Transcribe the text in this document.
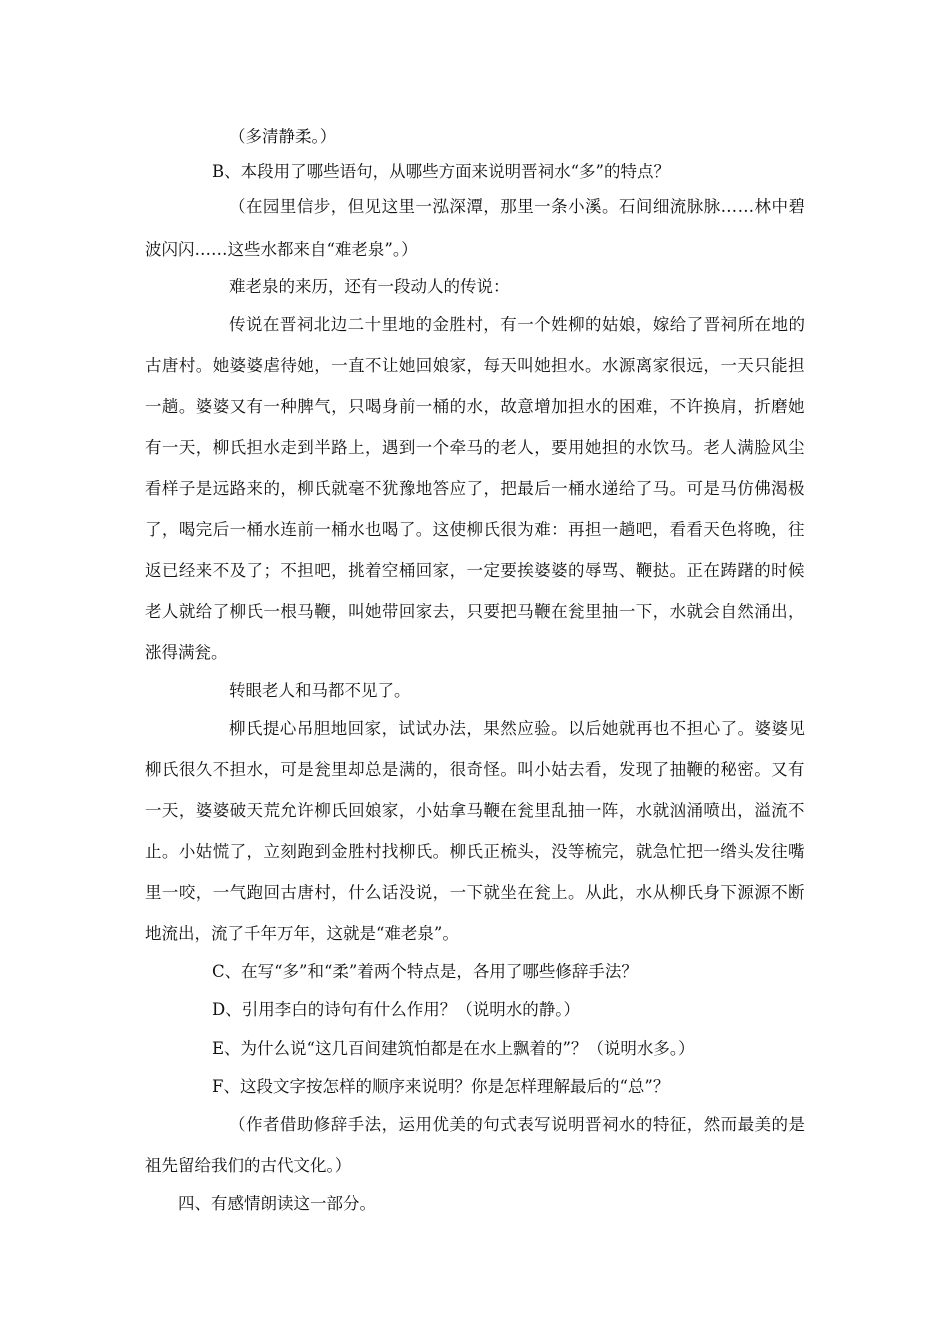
（多清静柔。）
B、本段用了哪些语句，从哪些方面来说明晋祠水“多”的特点？
（ 在 园 里 信 步 ， 但 见 这 里 一 泓 深 潭 ， 那 里 一 条 小 溪 。 石 间 细 流 脉 脉 … … 林 中 碧
波闪闪……这些水都来自“难老泉”。）
难老泉的来历，还有一段动人的传说：
传 说 在 晋 祠 北 边 二 十 里 地 的 金 胜 村 ， 有 一 个 姓 柳 的 姑 娘 ， 嫁 给 了 晋 祠 所 在 地 的
古 唐 村 。 她 婆 婆 虐 待 她 ， 一 直 不 让 她 回 娘 家 ， 每 天 叫 她 担 水 。 水 源 离 家 很 远 ， 一 天 只 能 担
一 趟 。 婆 婆 又 有 一 种 脾 气 ， 只 喝 身 前 一 桶 的 水 ， 故 意 增 加 担 水 的 困 难 ， 不 许 换 肩 ， 折 磨 她
有 一 天 ， 柳 氏 担 水 走 到 半 路 上 ， 遇 到 一 个 牵 马 的 老 人 ， 要 用 她 担 的 水 饮 马 。 老 人 满 脸 风 尘
看 样 子 是 远 路 来 的 ， 柳 氏 就 毫 不 犹 豫 地 答 应 了 ， 把 最 后 一 桶 水 递 给 了 马 。 可 是 马 仿 佛 渴 极
了 ， 喝 完 后 一 桶 水 连 前 一 桶 水 也 喝 了 。 这 使 柳 氏 很 为 难 ： 再 担 一 趟 吧 ， 看 看 天 色 将 晚 ， 往
返 已 经 来 不 及 了 ； 不 担 吧 ， 挑 着 空 桶 回 家 ， 一 定 要 挨 婆 婆 的 辱 骂 、 鞭 挞 。 正 在 踌 躇 的 时 候
老 人 就 给 了 柳 氏 一 根 马 鞭 ， 叫 她 带 回 家 去 ， 只 要 把 马 鞭 在 瓮 里 抽 一 下 ， 水 就 会 自 然 涌 出 ，
涨得满瓮。
转眼老人和马都不见了。
柳 氏 提 心 吊 胆 地 回 家 ， 试 试 办 法 ， 果 然 应 验 。 以 后 她 就 再 也 不 担 心 了 。 婆 婆 见
柳 氏 很 久 不 担 水 ， 可 是 瓮 里 却 总 是 满 的 ， 很 奇 怪 。 叫 小 姑 去 看 ， 发 现 了 抽 鞭 的 秘 密 。 又 有
一 天 ， 婆 婆 破 天 荒 允 许 柳 氏 回 娘 家 ， 小 姑 拿 马 鞭 在 瓮 里 乱 抽 一 阵 ， 水 就 汹 涌 喷 出 ， 溢 流 不
止 。 小 姑 慌 了 ， 立 刻 跑 到 金 胜 村 找 柳 氏 。 柳 氏 正 梳 头 ， 没 等 梳 完 ， 就 急 忙 把 一 绺 头 发 往 嘴
里 一 咬 ， 一 气 跑 回 古 唐 村 ， 什 么 话 没 说 ， 一 下 就 坐 在 瓮 上 。 从 此 ， 水 从 柳 氏 身 下 源 源 不 断
地流出，流了千年万年，这就是“难老泉”。
C、在写“多”和“柔”着两个特点是，各用了哪些修辞手法？
D、引用李白的诗句有什么作用？（说明水的静。）
E、为什么说“这几百间建筑怕都是在水上飘着的”？（说明水多。）
F、这段文字按怎样的顺序来说明？你是怎样理解最后的“总”？
（ 作 者 借 助 修 辞 手 法 ， 运 用 优 美 的 句 式 表 写 说 明 晋 祠 水 的 特 征 ， 然 而 最 美 的 是
祖先留给我们的古代文化。）
四、有感情朗读这一部分。
